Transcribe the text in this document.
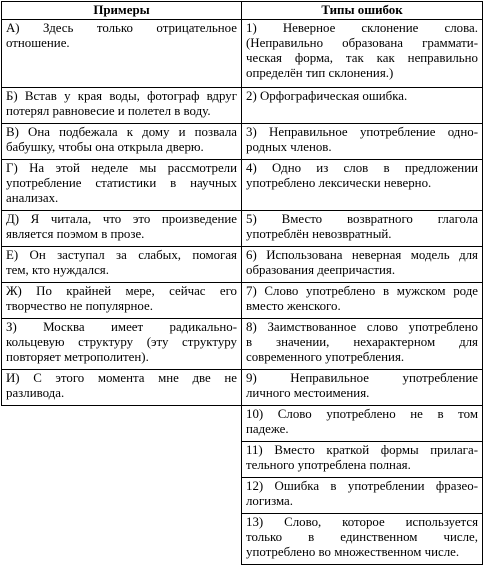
Примеры	Типы ошибок

А) Здесь только отрицательное
отношение.	1) Неверное склонение слова.
(Неправильно образована граммати-
ческая форма, так как неправильно
определён тип склонения.)

Б) Встав у края воды, фотограф вдруг
потерял равновесие и полетел в воду.	2) Орфографическая ошибка.

В) Она подбежала к дому и позвала
бабушку, чтобы она открыла дверю.	3) Неправильное употребление одно-
родных членов.

Г) На этой неделе мы рассмотрели
употребление статистики в научных
анализах.	4) Одно из слов в предложении
употреблено лексически неверно.

Д) Я читала, что это произведение
является поэмом в прозе.	5) Вместо возвратного глагола
употреблён невозвратный.

Е) Он заступал за слабых, помогая
тем, кто нуждался.	6) Использована неверная модель для
образования деепричастия.

Ж) По крайней мере, сейчас его
творчество не популярное.	7) Слово употреблено в мужском роде
вместо женского.

З) Москва имеет радикально-
кольцевую структуру (эту структуру
повторяет метрополитен).	8) Заимствованное слово употреблено
в значении, нехарактерном для
современного употребления.

И) С этого момента мне две не
разливода.	9) Неправильное употребление
личного местоимения.

	10) Слово употреблено не в том
падеже.

	11) Вместо краткой формы прилага-
тельного употреблена полная.

	12) Ошибка в употреблении фразео-
логизма.

	13) Слово, которое используется
только в единственном числе,
употреблено во множественном числе.
